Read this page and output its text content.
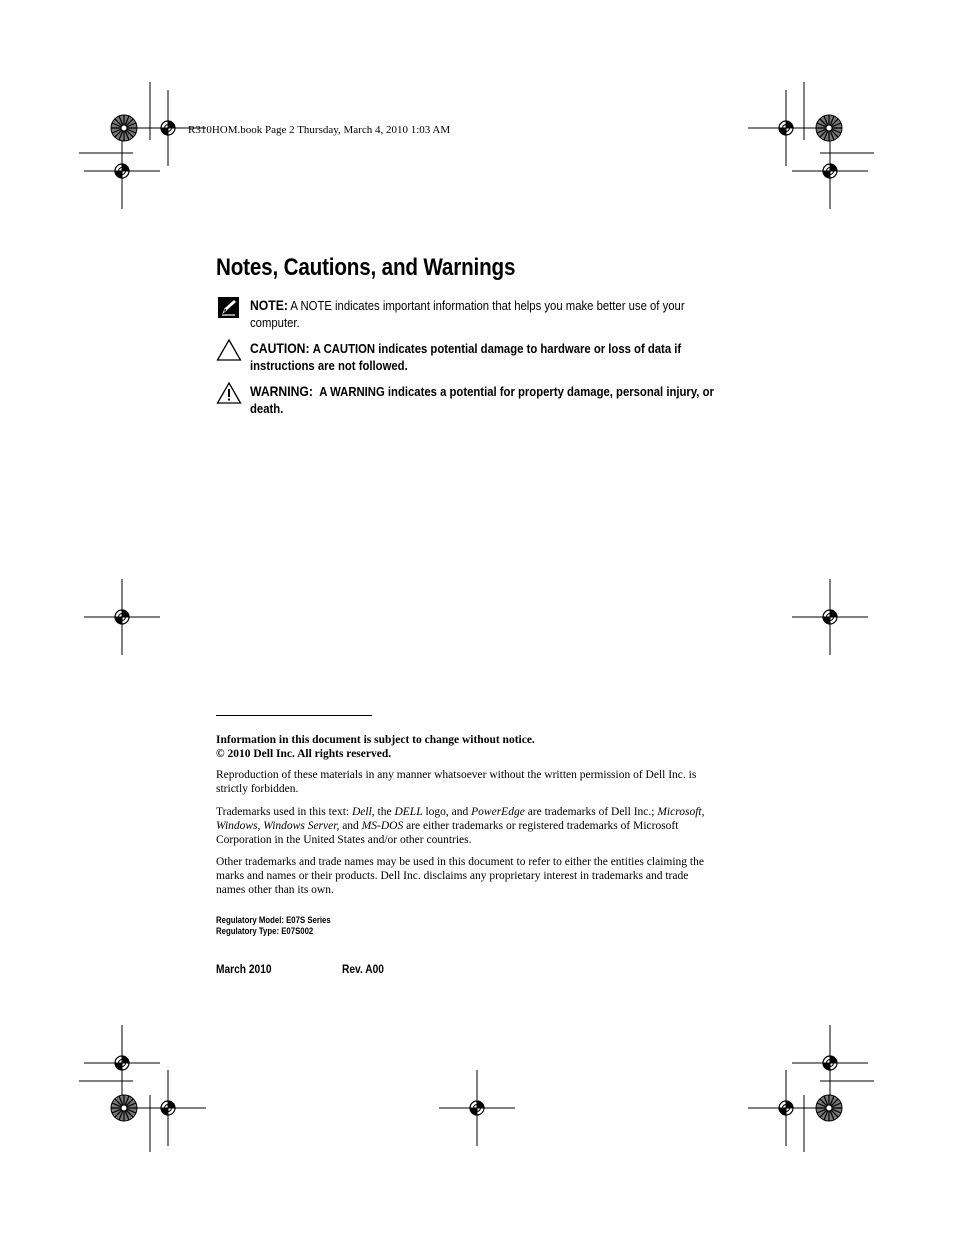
R310HOM.book Page 2 Thursday, March 4, 2010 1:03 AM
Notes, Cautions, and Warnings
NOTE: A NOTE indicates important information that helps you make better use of your computer.
CAUTION: A CAUTION indicates potential damage to hardware or loss of data if instructions are not followed.
WARNING: A WARNING indicates a potential for property damage, personal injury, or death.
Information in this document is subject to change without notice.
© 2010 Dell Inc. All rights reserved.
Reproduction of these materials in any manner whatsoever without the written permission of Dell Inc. is strictly forbidden.
Trademarks used in this text: Dell, the DELL logo, and PowerEdge are trademarks of Dell Inc.; Microsoft, Windows, Windows Server, and MS-DOS are either trademarks or registered trademarks of Microsoft Corporation in the United States and/or other countries.
Other trademarks and trade names may be used in this document to refer to either the entities claiming the marks and names or their products. Dell Inc. disclaims any proprietary interest in trademarks and trade names other than its own.
Regulatory Model: E07S Series
Regulatory Type: E07S002
March 2010	Rev. A00
